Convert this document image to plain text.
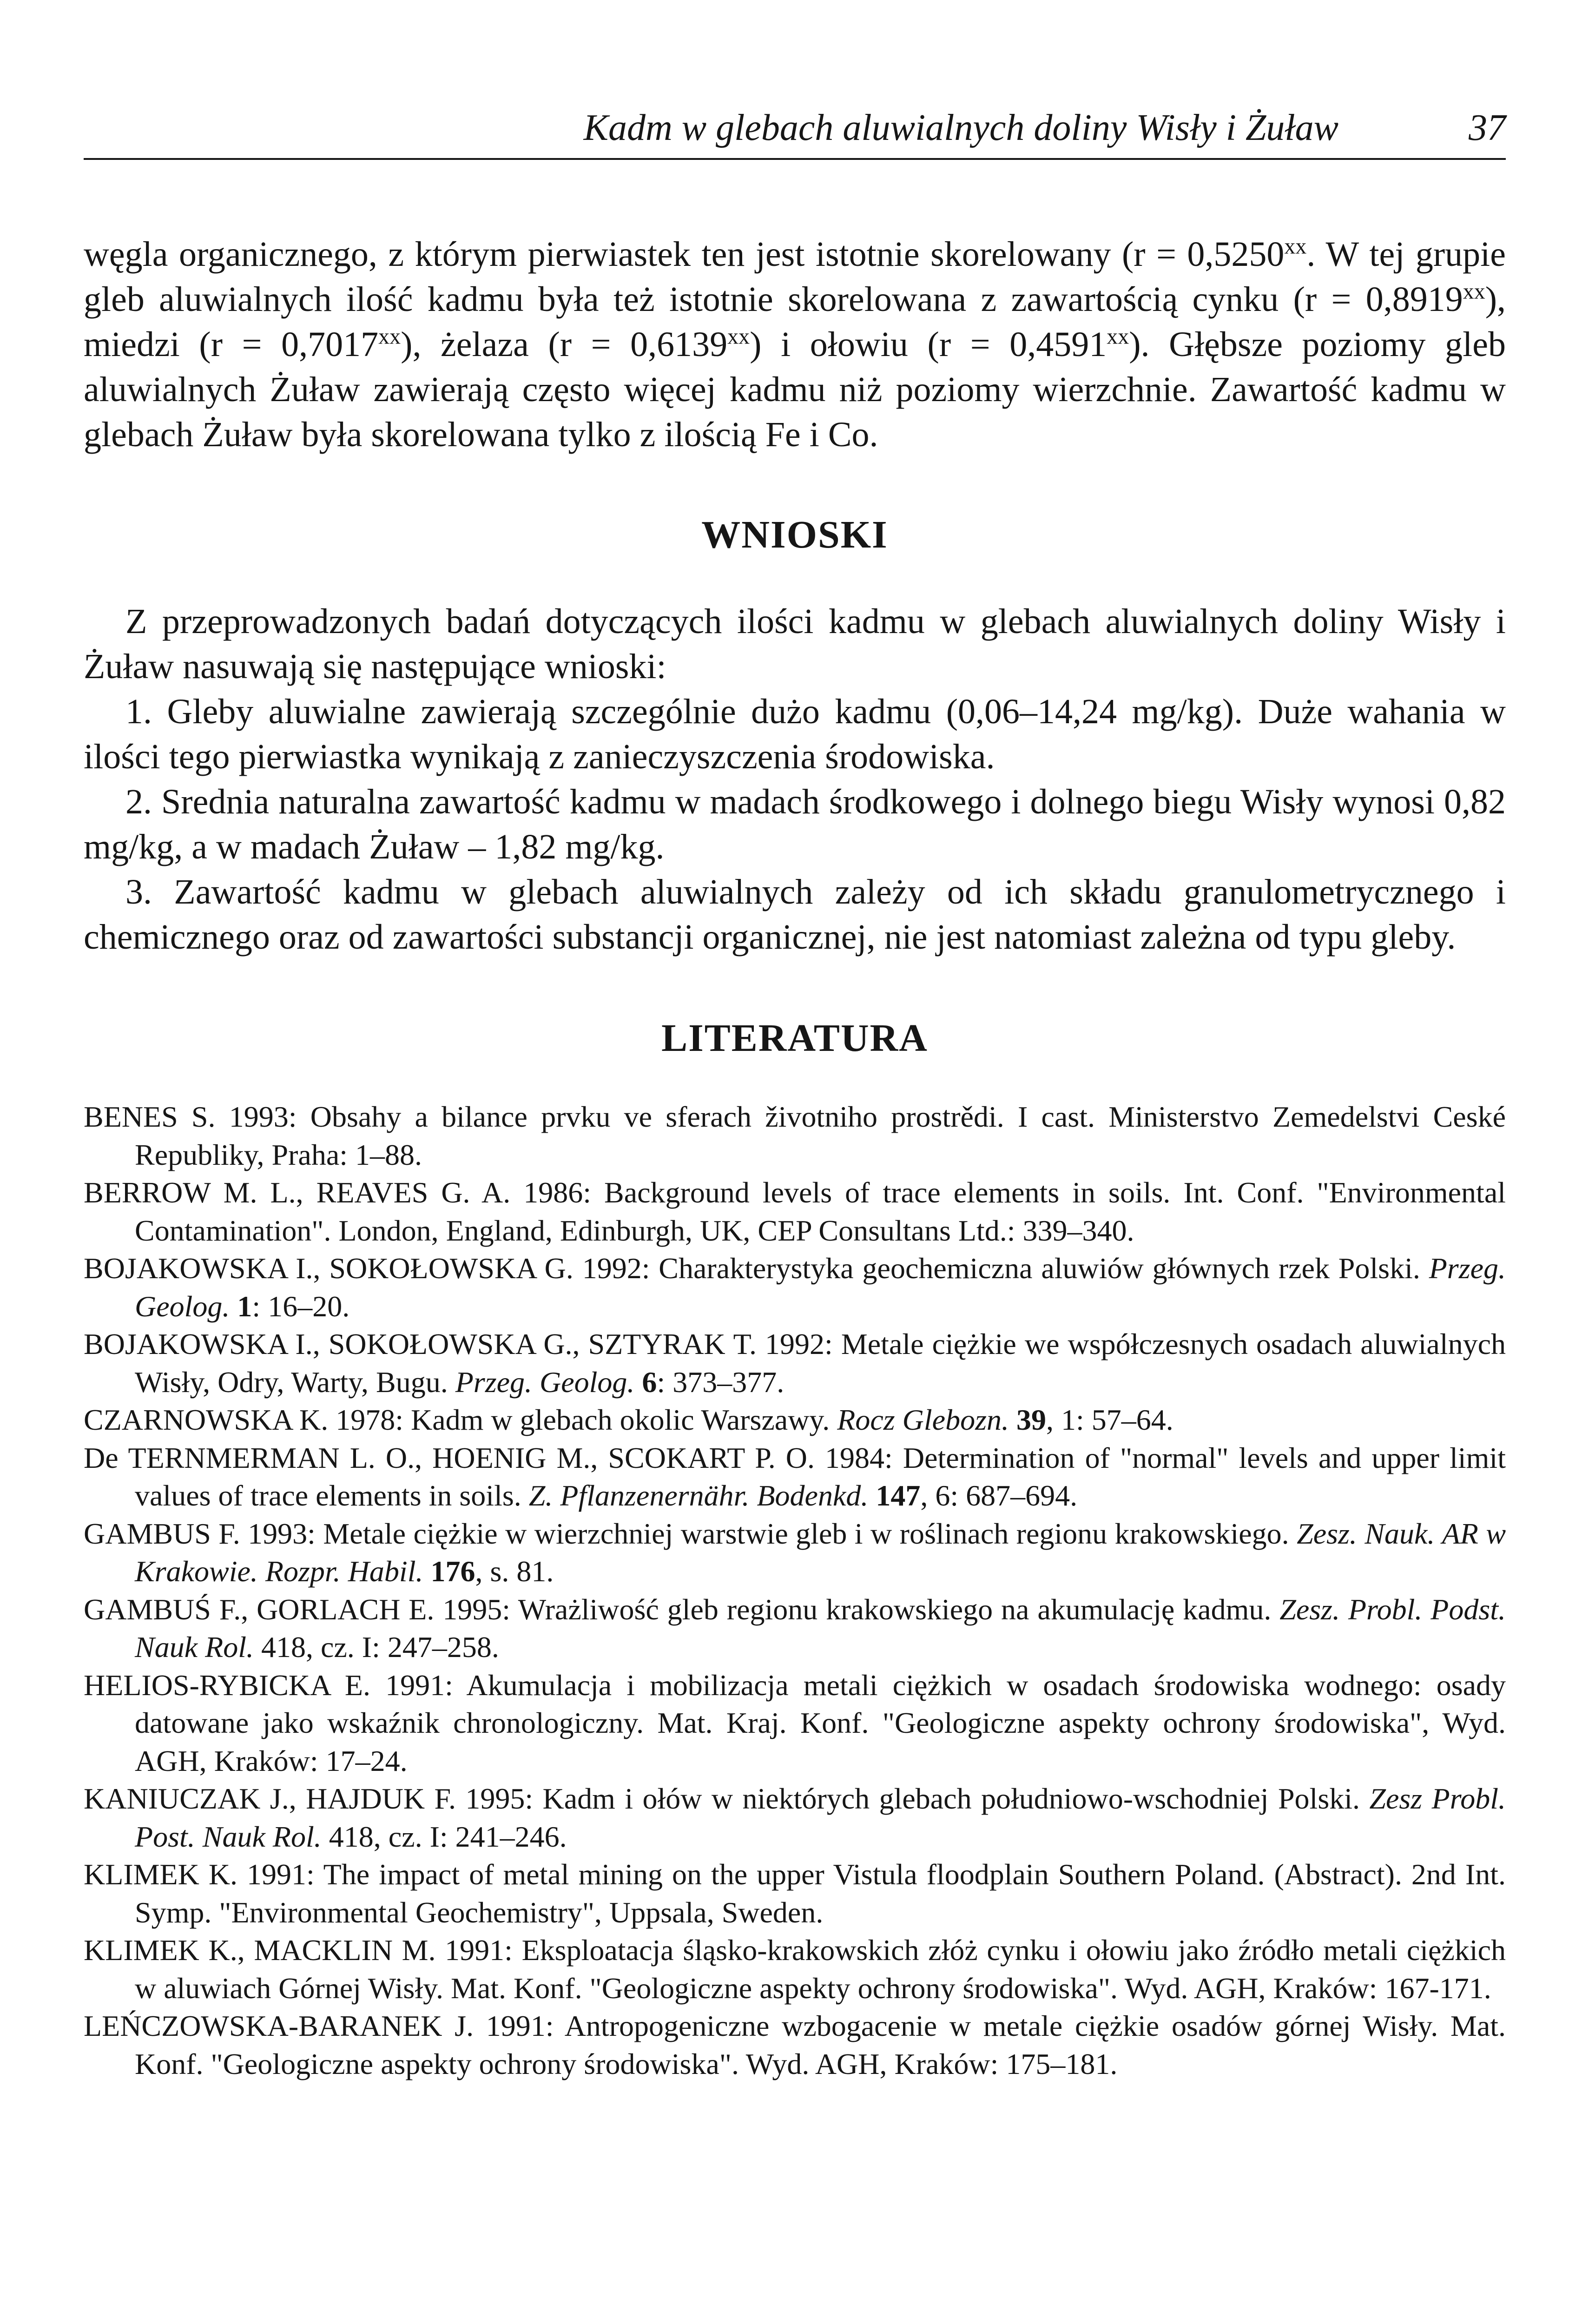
Kadm w glebach aluwialnych doliny Wisły i Żuław	37

węgla organicznego, z którym pierwiastek ten jest istotnie skorelowany ($r = 0,5250^{xx}$. W tej grupie gleb aluwialnych ilość kadmu była też istotnie skorelowana z zawartością cynku $(r = 0,8919^{xx})$, miedzi $(r = 0,7017^{xx})$, żelaza $(r = 0,6139^{xx})$ i ołowiu $(r = 0,4591^{xx})$. Głębsze poziomy gleb aluwialnych Żuław zawierają często więcej kadmu niż poziomy wierzchnie. Zawartość kadmu w glebach Żuław była skorelowana tylko z ilością Fe i Co.

WNIOSKI

Z przeprowadzonych badań dotyczących ilości kadmu w glebach aluwialnych doliny Wisły i Żuław nasuwają się następujące wnioski:

1. Gleby aluwialne zawierają szczególnie dużo kadmu (0,06–14,24 mg/kg). Duże wahania w ilości tego pierwiastka wynikają z zanieczyszczenia środowiska.

2. Srednia naturalna zawartość kadmu w madach środkowego i dolnego biegu Wisły wynosi 0,82 mg/kg, a w madach Żuław – 1,82 mg/kg.

3. Zawartość kadmu w glebach aluwialnych zależy od ich składu granulometrycznego i chemicznego oraz od zawartości substancji organicznej, nie jest natomiast zależna od typu gleby.

LITERATURA

BENES S. 1993: Obsahy a bilance prvku ve sferach životniho prostrědi. I cast. Ministerstvo Zemedelstvi Ceské Republiky, Praha: 1–88.

BERROW M. L., REAVES G. A. 1986: Background levels of trace elements in soils. Int. Conf. "Environmental Contamination". London, England, Edinburgh, UK, CEP Consultans Ltd.: 339–340.

BOJAKOWSKA I., SOKOŁOWSKA G. 1992: Charakterystyka geochemiczna aluwiów głównych rzek Polski. Przeg. Geolog. 1: 16–20.

BOJAKOWSKA I., SOKOŁOWSKA G., SZTYRAK T. 1992: Metale ciężkie we współczesnych osadach aluwialnych Wisły, Odry, Warty, Bugu. Przeg. Geolog. 6: 373–377.

CZARNOWSKA K. 1978: Kadm w glebach okolic Warszawy. Rocz Glebozn. 39, 1: 57–64.

De TERNMERMAN L. O., HOENIG M., SCOKART P. O. 1984: Determination of "normal" levels and upper limit values of trace elements in soils. Z. Pflanzenernähr. Bodenkd. 147, 6: 687–694.

GAMBUS F. 1993: Metale ciężkie w wierzchniej warstwie gleb i w roślinach regionu krakowskiego. Zesz. Nauk. AR w Krakowie. Rozpr. Habil. 176, s. 81.

GAMBUŚ F., GORLACH E. 1995: Wrażliwość gleb regionu krakowskiego na akumulację kadmu. Zesz. Probl. Podst. Nauk Rol. 418, cz. I: 247–258.

HELIOS-RYBICKA E. 1991: Akumulacja i mobilizacja metali ciężkich w osadach środowiska wodnego: osady datowane jako wskaźnik chronologiczny. Mat. Kraj. Konf. "Geologiczne aspekty ochrony środowiska", Wyd. AGH, Kraków: 17–24.

KANIUCZAK J., HAJDUK F. 1995: Kadm i ołów w niektórych glebach południowo-wschodniej Polski. Zesz Probl. Post. Nauk Rol. 418, cz. I: 241–246.

KLIMEK K. 1991: The impact of metal mining on the upper Vistula floodplain Southern Poland. (Abstract). 2nd Int. Symp. "Environmental Geochemistry", Uppsala, Sweden.

KLIMEK K., MACKLIN M. 1991: Eksploatacja śląsko-krakowskich złóż cynku i ołowiu jako źródło metali ciężkich w aluwiach Górnej Wisły. Mat. Konf. "Geologiczne aspekty ochrony środowiska". Wyd. AGH, Kraków: 167-171.

LEŃCZOWSKA-BARANEK J. 1991: Antropogeniczne wzbogacenie w metale ciężkie osadów górnej Wisły. Mat. Konf. "Geologiczne aspekty ochrony środowiska". Wyd. AGH, Kraków: 175–181.
